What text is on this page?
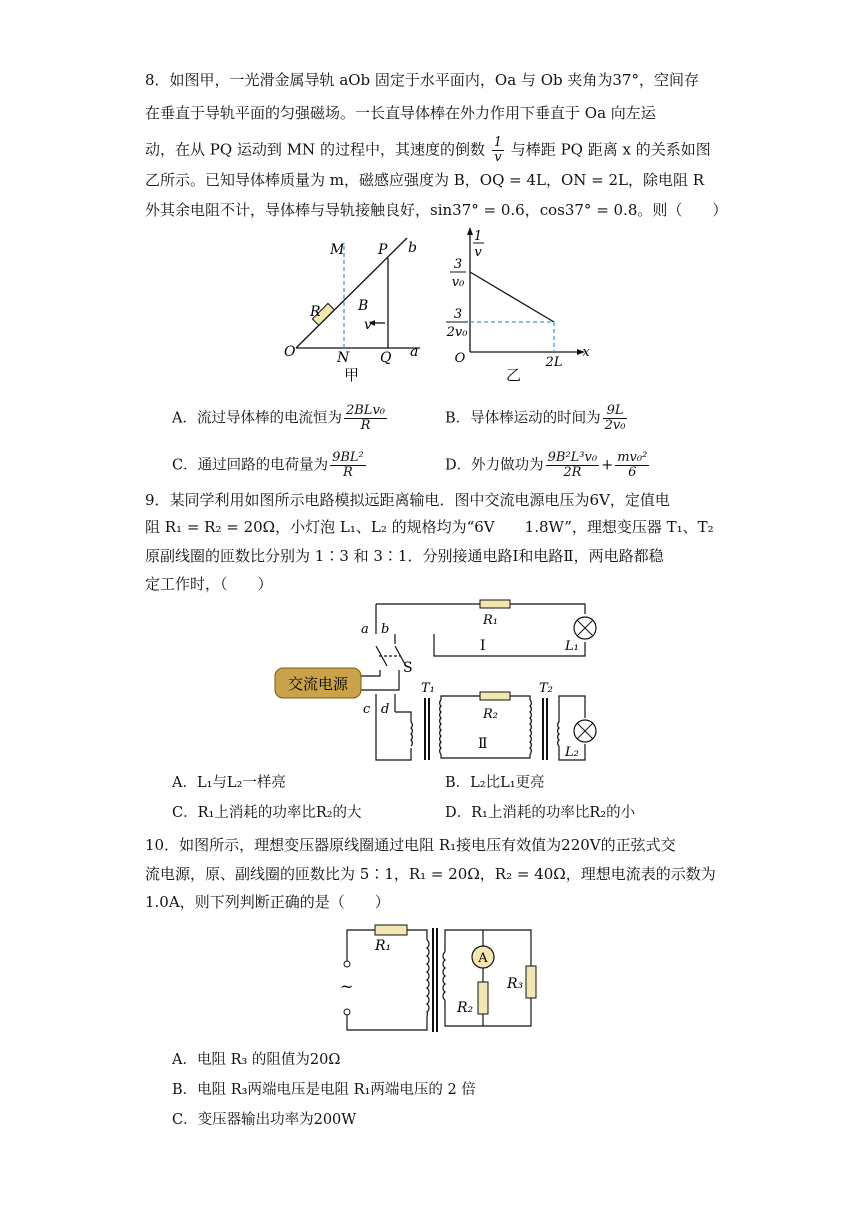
8．如图甲，一光滑金属导轨 aOb 固定于水平面内，Oa 与 Ob 夹角为37°，空间存
在垂直于导轨平面的匀强磁场。一长直导体棒在外力作用下垂直于 Oa 向左运
动，在从 PQ 运动到 MN 的过程中，其速度的倒数 $\frac{1}{v}$ 与棒距 PQ 距离 x 的关系如图
乙所示。已知导体棒质量为 m，磁感应强度为 B，OQ = 4L，ON = 2L，除电阻 R
外其余电阻不计，导体棒与导轨接触良好，sin37° = 0.6，cos37° = 0.8。则（　　）
M P b
R	B
v
O	N Q a
甲
1
v
3
v₀
3
2v₀
O	2L
x
乙
A．流过导体棒的电流恒为 $\frac{\text{2BLv₀}}{R}$	B．导体棒运动的时间为 $\frac{9L}{\text{2v₀}}$
C．通过回路的电荷量为 $\frac{\text{9BL²}}{R}$	D．外力做功为 $\frac{\text{9B²L³v₀}}{2R} + \frac{\text{mv₀²}}{6}$
9．某同学利用如图所示电路模拟远距离输电．图中交流电源电压为6V，定值电
阻 R₁ = R₂ = 20Ω，小灯泡 L₁、L₂ 的规格均为“6V　　1.8W”，理想变压器 T₁、T₂
原副线圈的匝数比分别为 1∶3 和 3∶1．分别接通电路Ⅰ和电路Ⅱ，两电路都稳
定工作时，（　　）
交流电源
a b
c d
R₁
R₂
L₁
L₂
T₁	T₂
S
Ⅰ
Ⅱ
A．L₁与L₂一样亮	B．L₂比L₁更亮
C．R₁上消耗的功率比R₂的大	D．R₁上消耗的功率比R₂的小
10．如图所示，理想变压器原线圈通过电阻 R₁接电压有效值为220V的正弦式交
流电源，原、副线圈的匝数比为 5∶1，R₁ = 20Ω，R₂ = 40Ω，理想电流表的示数为
1.0A，则下列判断正确的是（　　）
~
A
R₁
R₂
R₃
A．电阻 R₃ 的阻值为20Ω
B．电阻 R₃两端电压是电阻 R₁两端电压的 2 倍
C．变压器输出功率为200W
